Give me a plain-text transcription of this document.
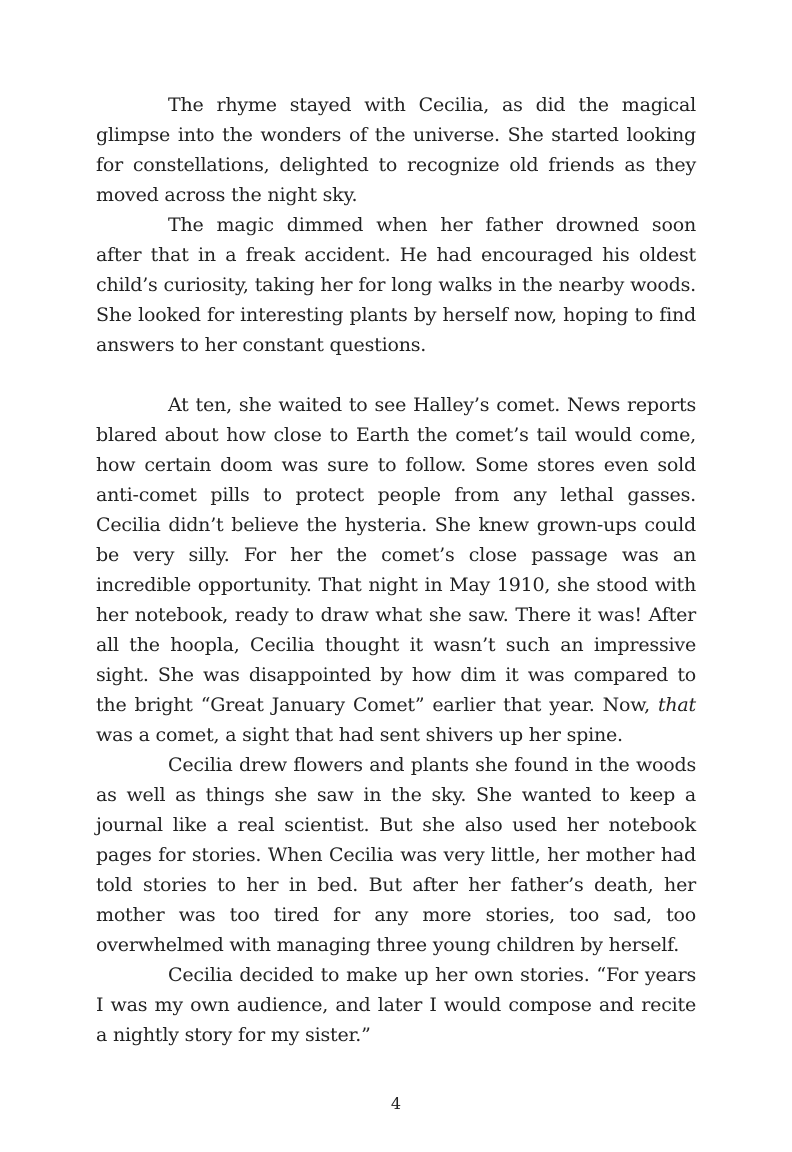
The rhyme stayed with Cecilia, as did the magical glimpse into the wonders of the universe. She started looking for constellations, delighted to recognize old friends as they moved across the night sky.

The magic dimmed when her father drowned soon after that in a freak accident. He had encouraged his oldest child’s curiosity, taking her for long walks in the nearby woods. She looked for interesting plants by herself now, hoping to find answers to her constant questions.

At ten, she waited to see Halley’s comet. News reports blared about how close to Earth the comet’s tail would come, how certain doom was sure to follow. Some stores even sold anti-comet pills to protect people from any lethal gasses. Cecilia didn’t believe the hysteria. She knew grown-ups could be very silly. For her the comet’s close passage was an incredible opportunity. That night in May 1910, she stood with her notebook, ready to draw what she saw. There it was! After all the hoopla, Cecilia thought it wasn’t such an impressive sight. She was disappointed by how dim it was compared to the bright “Great January Comet” earlier that year. Now, that was a comet, a sight that had sent shivers up her spine.

Cecilia drew flowers and plants she found in the woods as well as things she saw in the sky. She wanted to keep a journal like a real scientist. But she also used her notebook pages for stories. When Cecilia was very little, her mother had told stories to her in bed. But after her father’s death, her mother was too tired for any more stories, too sad, too overwhelmed with managing three young children by herself.

Cecilia decided to make up her own stories. “For years I was my own audience, and later I would compose and recite a nightly story for my sister.”

4
